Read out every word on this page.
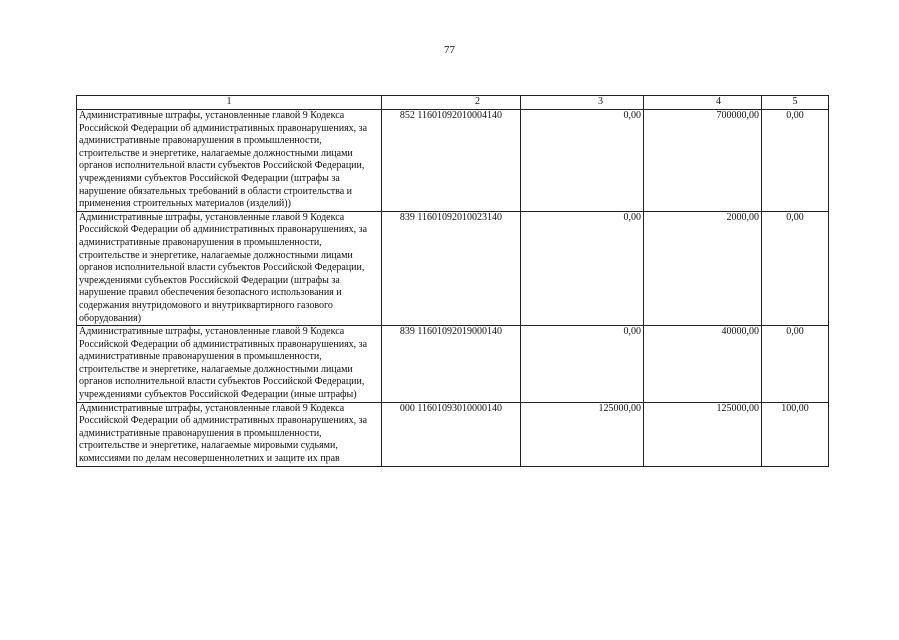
77
1	2	3	4	5
Административные штрафы, установленные главой 9 Кодекса Российской Федерации об административных правонарушениях, за административные правонарушения в промышленности, строительстве и энергетике, налагаемые должностными лицами органов исполнительной власти субъектов Российской Федерации, учреждениями субъектов Российской Федерации (штрафы за нарушение обязательных требований в области строительства и применения строительных материалов (изделий))	852 11601092010004140	0,00	700000,00	0,00
Административные штрафы, установленные главой 9 Кодекса Российской Федерации об административных правонарушениях, за административные правонарушения в промышленности, строительстве и энергетике, налагаемые должностными лицами органов исполнительной власти субъектов Российской Федерации, учреждениями субъектов Российской Федерации (штрафы за нарушение правил обеспечения безопасного использования и содержания внутридомового и внутриквартирного газового оборудования)	839 11601092010023140	0,00	2000,00	0,00
Административные штрафы, установленные главой 9 Кодекса Российской Федерации об административных правонарушениях, за административные правонарушения в промышленности, строительстве и энергетике, налагаемые должностными лицами органов исполнительной власти субъектов Российской Федерации, учреждениями субъектов Российской Федерации (иные штрафы)	839 11601092019000140	0,00	40000,00	0,00
Административные штрафы, установленные главой 9 Кодекса Российской Федерации об административных правонарушениях, за административные правонарушения в промышленности, строительстве и энергетике, налагаемые мировыми судьями, комиссиями по делам несовершеннолетних и защите их прав	000 11601093010000140	125000,00	125000,00	100,00
